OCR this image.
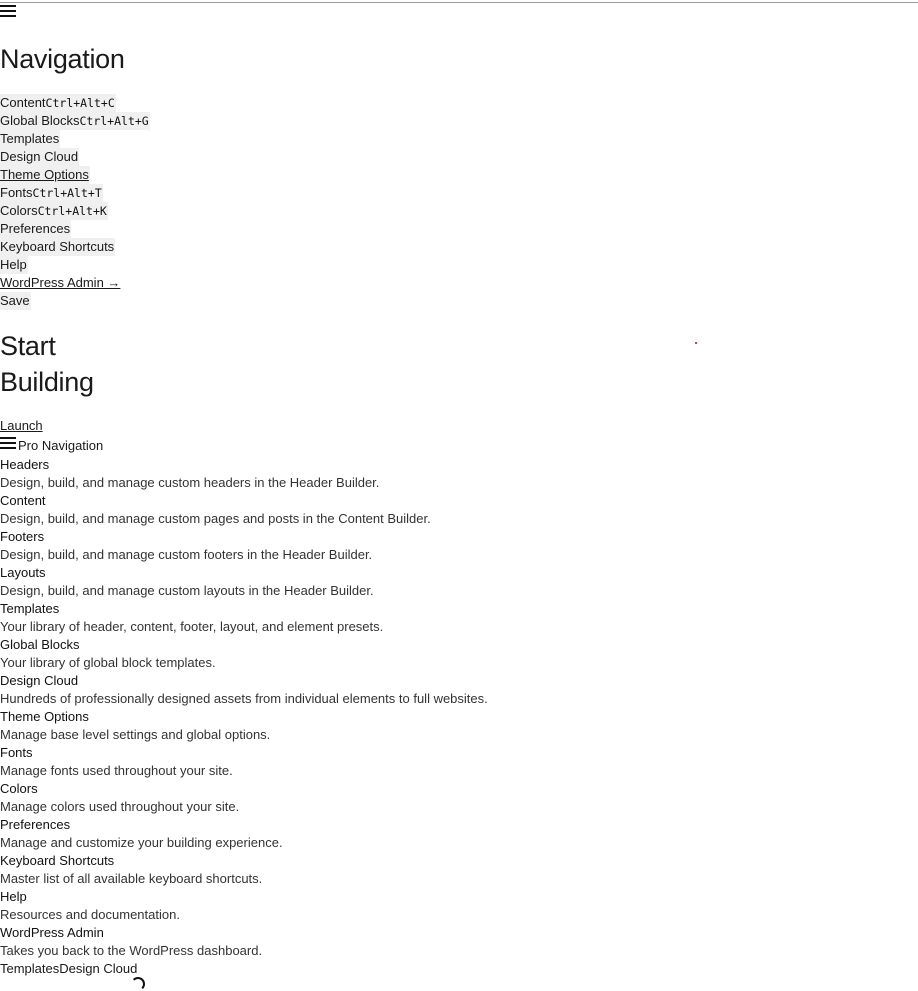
Navigation
ContentCtrl+Alt+C
Global BlocksCtrl+Alt+G
Templates
Design Cloud
Theme Options
FontsCtrl+Alt+T
ColorsCtrl+Alt+K
Preferences
Keyboard Shortcuts
Help
WordPress Admin →
Save
Start
Building
Launch
Pro Navigation
Headers
Design, build, and manage custom headers in the Header Builder.
Content
Design, build, and manage custom pages and posts in the Content Builder.
Footers
Design, build, and manage custom footers in the Header Builder.
Layouts
Design, build, and manage custom layouts in the Header Builder.
Templates
Your library of header, content, footer, layout, and element presets.
Global Blocks
Your library of global block templates.
Design Cloud
Hundreds of professionally designed assets from individual elements to full websites.
Theme Options
Manage base level settings and global options.
Fonts
Manage fonts used throughout your site.
Colors
Manage colors used throughout your site.
Preferences
Manage and customize your building experience.
Keyboard Shortcuts
Master list of all available keyboard shortcuts.
Help
Resources and documentation.
WordPress Admin
Takes you back to the WordPress dashboard.
TemplatesDesign Cloud
